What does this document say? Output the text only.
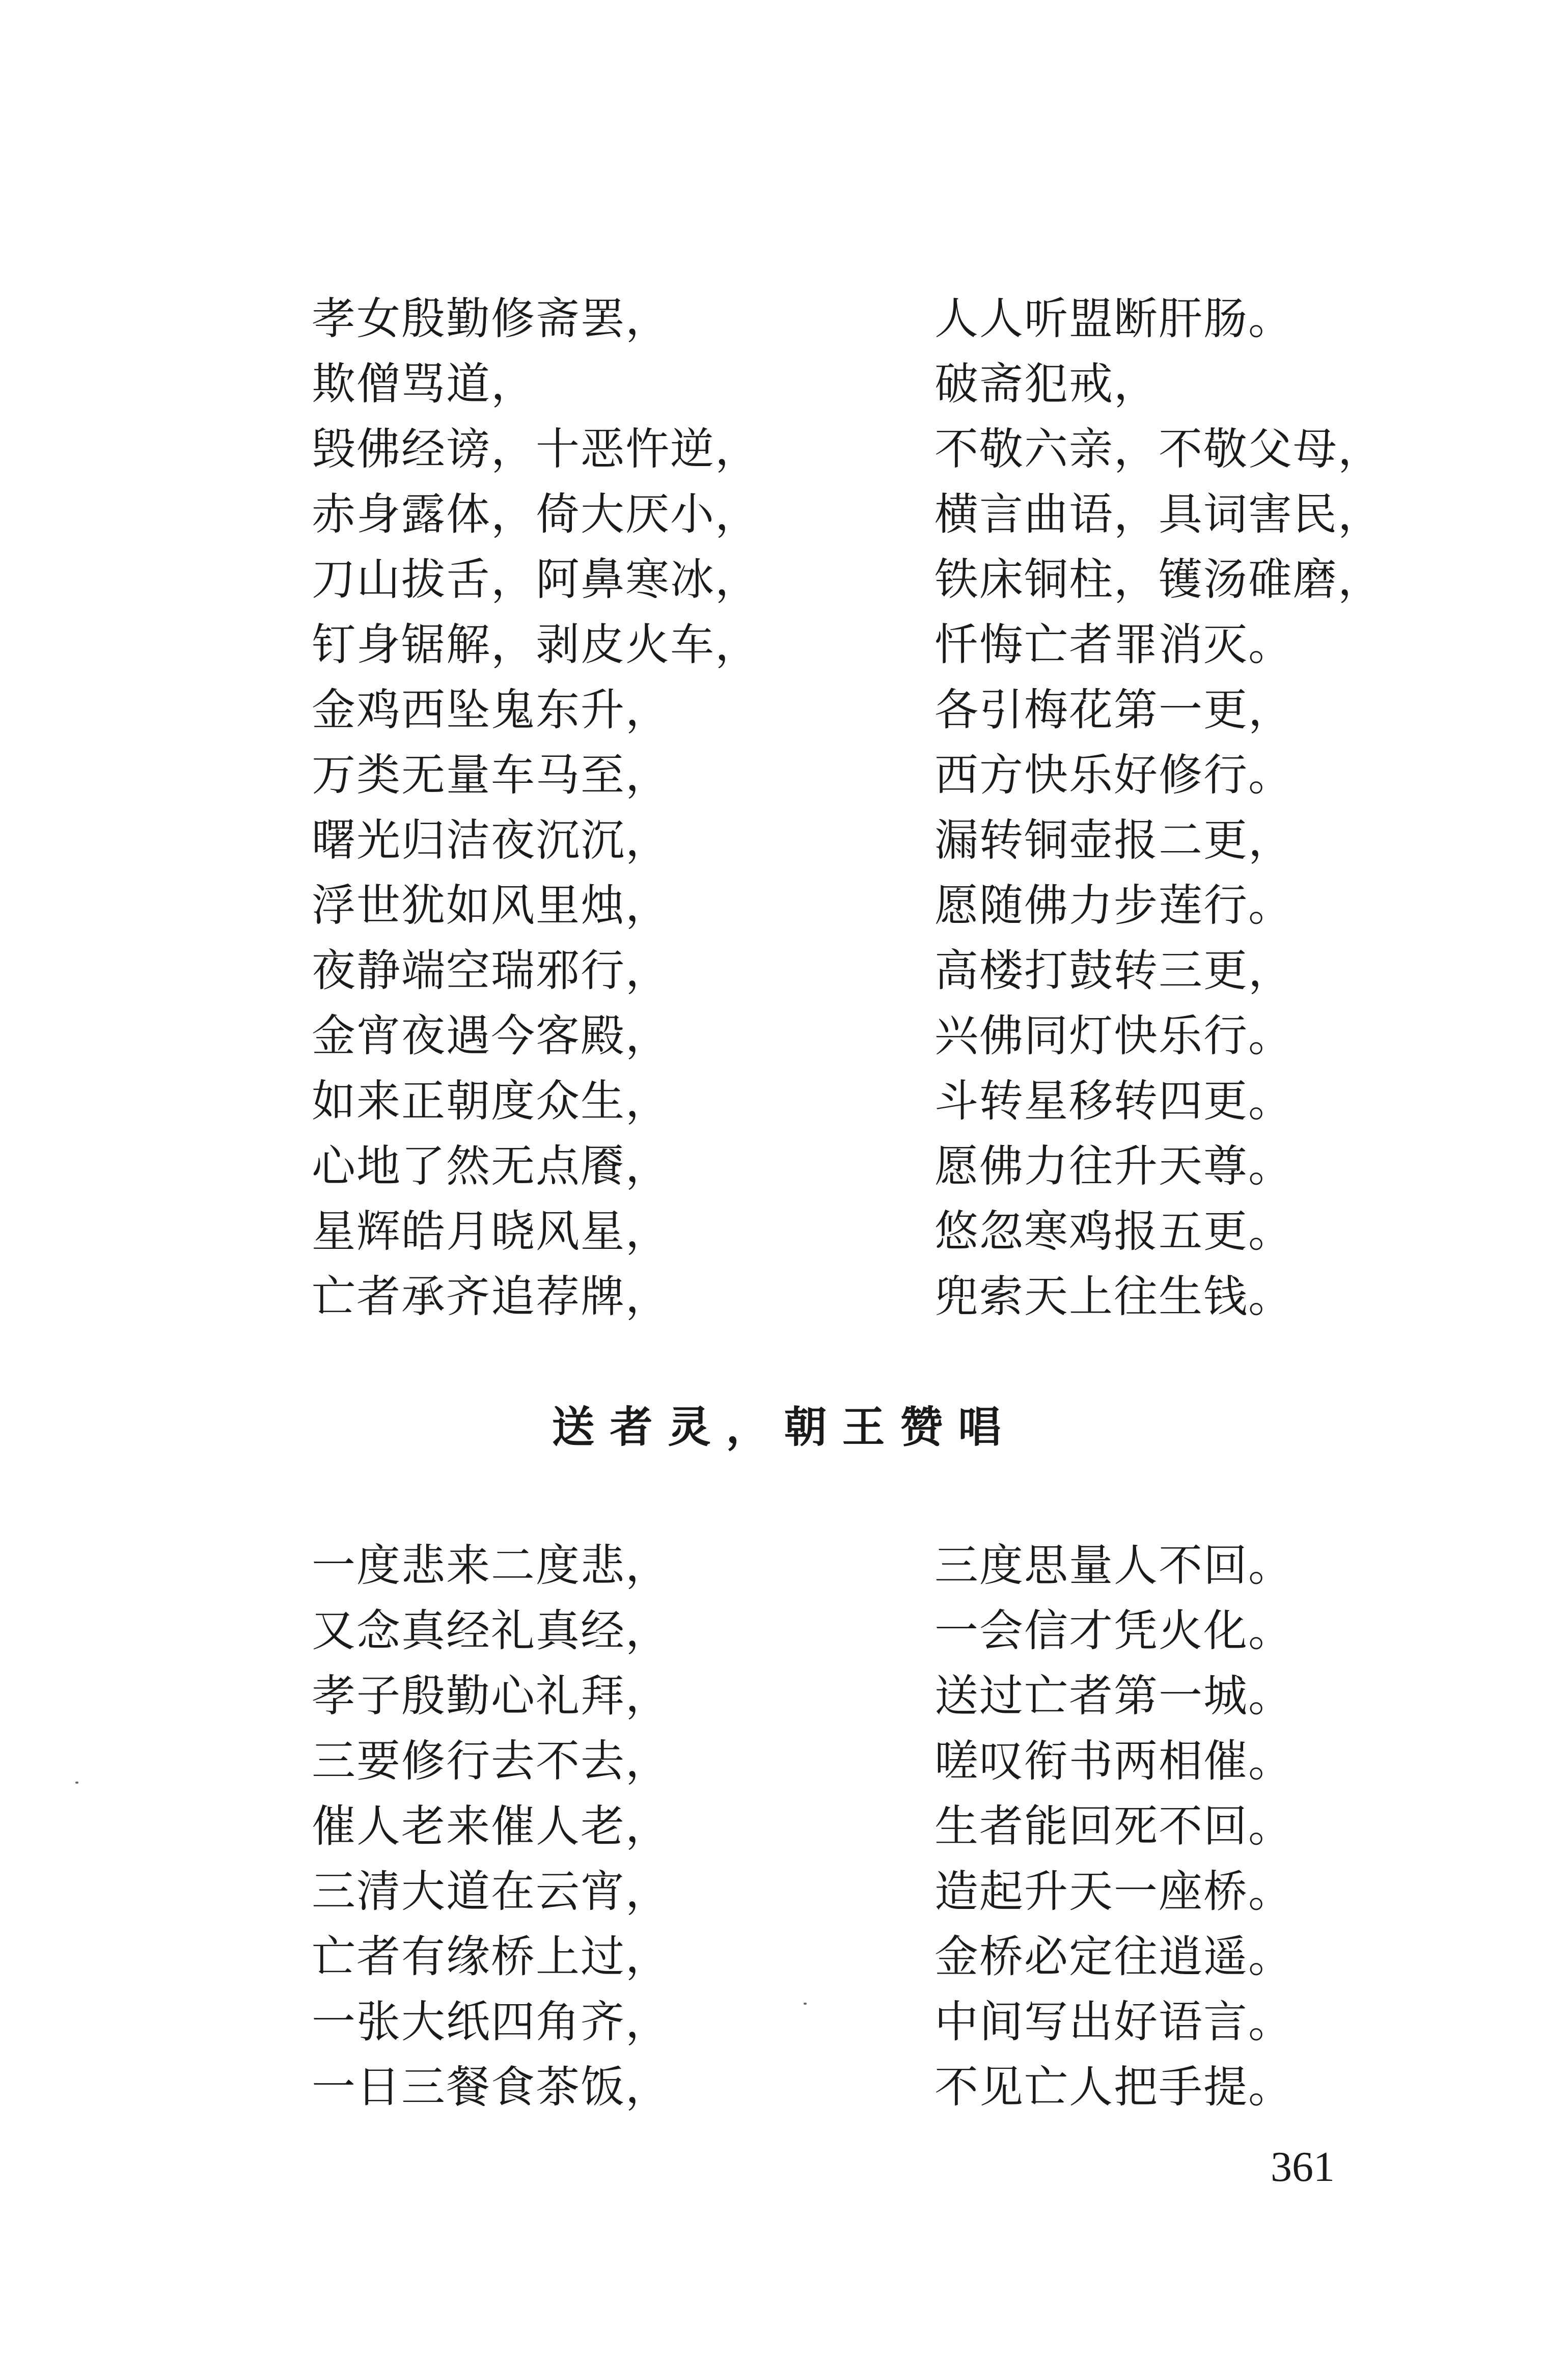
孝女殷勤修斋罢，	人人听盟断肝肠。
欺僧骂道，	破斋犯戒，
毁佛经谤，十恶忤逆，	不敬六亲，不敬父母，
赤身露体，倚大厌小，	横言曲语，具词害民，
刀山拔舌，阿鼻寒冰，	铁床铜柱，镬汤碓磨，
钉身锯解，剥皮火车，	忏悔亡者罪消灭。
金鸡西坠鬼东升，	各引梅花第一更，
万类无量车马至，	西方快乐好修行。
曙光归洁夜沉沉，	漏转铜壶报二更，
浮世犹如风里烛，	愿随佛力步莲行。
夜静端空瑞邪行，	高楼打鼓转三更，
金宵夜遇今客殿，	兴佛同灯快乐行。
如来正朝度众生，	斗转星移转四更。
心地了然无点餍，	愿佛力往升天尊。
星辉皓月晓风星，	悠忽寒鸡报五更。
亡者承齐追荐牌，	兜索天上往生钱。
送者灵，朝王赞唱
一度悲来二度悲，	三度思量人不回。
又念真经礼真经，	一会信才凭火化。
孝子殷勤心礼拜，	送过亡者第一城。
三要修行去不去，	嗟叹衔书两相催。
催人老来催人老，	生者能回死不回。
三清大道在云宵，	造起升天一座桥。
亡者有缘桥上过，	金桥必定往逍遥。
一张大纸四角齐，	中间写出好语言。
一日三餐食茶饭，	不见亡人把手提。
361
